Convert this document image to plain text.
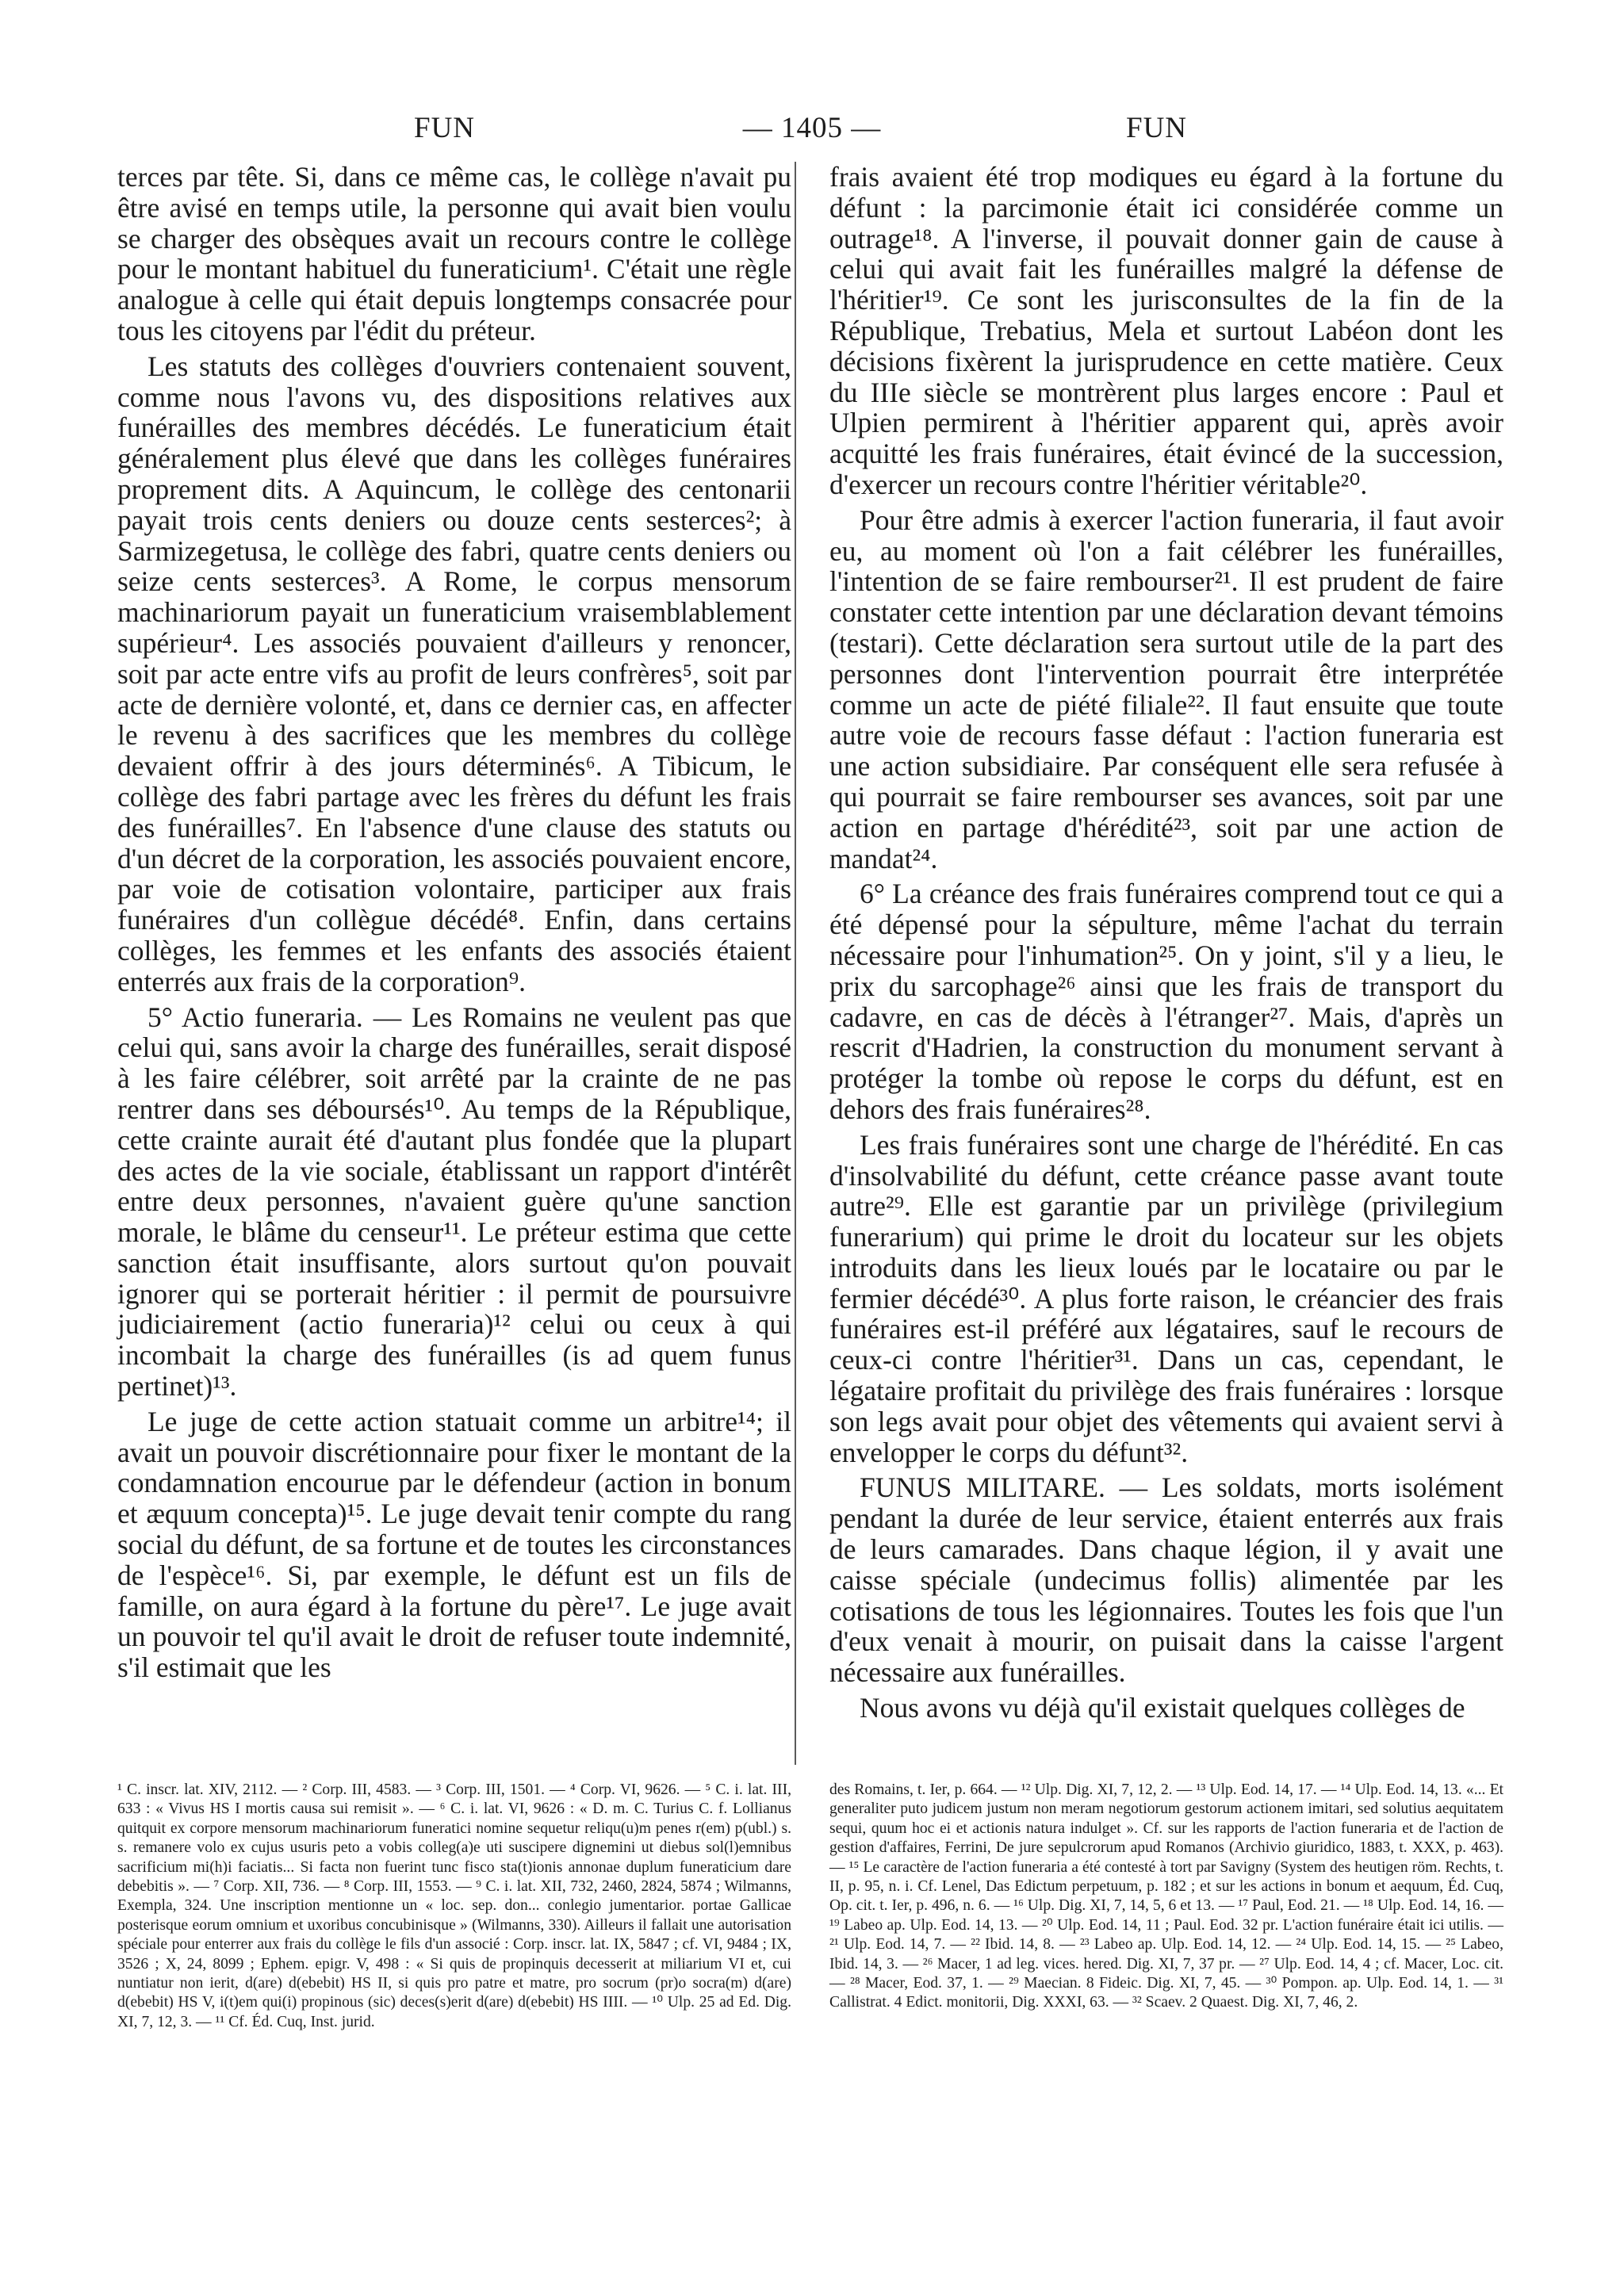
FUN	— 1405 —	FUN

terces par tête. Si, dans ce même cas, le collège n'avait pu être avisé en temps utile, la personne qui avait bien voulu se charger des obsèques avait un recours contre le collège pour le montant habituel du funeraticium¹. C'était une règle analogue à celle qui était depuis longtemps consacrée pour tous les citoyens par l'édit du préteur.

Les statuts des collèges d'ouvriers contenaient souvent, comme nous l'avons vu, des dispositions relatives aux funérailles des membres décédés. Le funeraticium était généralement plus élevé que dans les collèges funéraires proprement dits. A Aquincum, le collège des centonarii payait trois cents deniers ou douze cents sesterces²; à Sarmizegetusa, le collège des fabri, quatre cents deniers ou seize cents sesterces³. A Rome, le corpus mensorum machinariorum payait un funeraticium vraisemblablement supérieur⁴. Les associés pouvaient d'ailleurs y renoncer, soit par acte entre vifs au profit de leurs confrères⁵, soit par acte de dernière volonté, et, dans ce dernier cas, en affecter le revenu à des sacrifices que les membres du collège devaient offrir à des jours déterminés⁶. A Tibicum, le collège des fabri partage avec les frères du défunt les frais des funérailles⁷. En l'absence d'une clause des statuts ou d'un décret de la corporation, les associés pouvaient encore, par voie de cotisation volontaire, participer aux frais funéraires d'un collègue décédé⁸. Enfin, dans certains collèges, les femmes et les enfants des associés étaient enterrés aux frais de la corporation⁹.

5° Actio funeraria. — Les Romains ne veulent pas que celui qui, sans avoir la charge des funérailles, serait disposé à les faire célébrer, soit arrêté par la crainte de ne pas rentrer dans ses déboursés¹⁰. Au temps de la République, cette crainte aurait été d'autant plus fondée que la plupart des actes de la vie sociale, établissant un rapport d'intérêt entre deux personnes, n'avaient guère qu'une sanction morale, le blâme du censeur¹¹. Le préteur estima que cette sanction était insuffisante, alors surtout qu'on pouvait ignorer qui se porterait héritier : il permit de poursuivre judiciairement (actio funeraria)¹² celui ou ceux à qui incombait la charge des funérailles (is ad quem funus pertinet)¹³.

Le juge de cette action statuait comme un arbitre¹⁴; il avait un pouvoir discrétionnaire pour fixer le montant de la condamnation encourue par le défendeur (action in bonum et æquum concepta)¹⁵. Le juge devait tenir compte du rang social du défunt, de sa fortune et de toutes les circonstances de l'espèce¹⁶. Si, par exemple, le défunt est un fils de famille, on aura égard à la fortune du père¹⁷. Le juge avait un pouvoir tel qu'il avait le droit de refuser toute indemnité, s'il estimait que les

frais avaient été trop modiques eu égard à la fortune du défunt : la parcimonie était ici considérée comme un outrage¹⁸. A l'inverse, il pouvait donner gain de cause à celui qui avait fait les funérailles malgré la défense de l'héritier¹⁹. Ce sont les jurisconsultes de la fin de la République, Trebatius, Mela et surtout Labéon dont les décisions fixèrent la jurisprudence en cette matière. Ceux du IIIe siècle se montrèrent plus larges encore : Paul et Ulpien permirent à l'héritier apparent qui, après avoir acquitté les frais funéraires, était évincé de la succession, d'exercer un recours contre l'héritier véritable²⁰.

Pour être admis à exercer l'action funeraria, il faut avoir eu, au moment où l'on a fait célébrer les funérailles, l'intention de se faire rembourser²¹. Il est prudent de faire constater cette intention par une déclaration devant témoins (testari). Cette déclaration sera surtout utile de la part des personnes dont l'intervention pourrait être interprétée comme un acte de piété filiale²². Il faut ensuite que toute autre voie de recours fasse défaut : l'action funeraria est une action subsidiaire. Par conséquent elle sera refusée à qui pourrait se faire rembourser ses avances, soit par une action en partage d'hérédité²³, soit par une action de mandat²⁴.

6° La créance des frais funéraires comprend tout ce qui a été dépensé pour la sépulture, même l'achat du terrain nécessaire pour l'inhumation²⁵. On y joint, s'il y a lieu, le prix du sarcophage²⁶ ainsi que les frais de transport du cadavre, en cas de décès à l'étranger²⁷. Mais, d'après un rescrit d'Hadrien, la construction du monument servant à protéger la tombe où repose le corps du défunt, est en dehors des frais funéraires²⁸.

Les frais funéraires sont une charge de l'hérédité. En cas d'insolvabilité du défunt, cette créance passe avant toute autre²⁹. Elle est garantie par un privilège (privilegium funerarium) qui prime le droit du locateur sur les objets introduits dans les lieux loués par le locataire ou par le fermier décédé³⁰. A plus forte raison, le créancier des frais funéraires est-il préféré aux légataires, sauf le recours de ceux-ci contre l'héritier³¹. Dans un cas, cependant, le légataire profitait du privilège des frais funéraires : lorsque son legs avait pour objet des vêtements qui avaient servi à envelopper le corps du défunt³².

FUNUS MILITARE. — Les soldats, morts isolément pendant la durée de leur service, étaient enterrés aux frais de leurs camarades. Dans chaque légion, il y avait une caisse spéciale (undecimus follis) alimentée par les cotisations de tous les légionnaires. Toutes les fois que l'un d'eux venait à mourir, on puisait dans la caisse l'argent nécessaire aux funérailles.

Nous avons vu déjà qu'il existait quelques collèges de

¹ C. inscr. lat. XIV, 2112. — ² Corp. III, 4583. — ³ Corp. III, 1501. — ⁴ Corp. VI, 9626. — ⁵ C. i. lat. III, 633 : « Vivus HS I mortis causa sui remisit ». — ⁶ C. i. lat. VI, 9626 : « D. m. C. Turius C. f. Lollianus quitquit ex corpore mensorum machinariorum funeratici nomine sequetur reliqu(u)m penes r(em) p(ubl.) s. s. remanere volo ex cujus usuris peto a vobis colleg(a)e uti suscipere dignemini ut diebus sol(l)emnibus sacrificium mi(h)i faciatis... Si facta non fuerint tunc fisco sta(t)ionis annonae duplum funeraticium dare debebitis ». — ⁷ Corp. XII, 736. — ⁸ Corp. III, 1553. — ⁹ C. i. lat. XII, 732, 2460, 2824, 5874 ; Wilmanns, Exempla, 324. Une inscription mentionne un « loc. sep. don... conlegio jumentarior. portae Gallicae posterisque eorum omnium et uxoribus concubinisque » (Wilmanns, 330). Ailleurs il fallait une autorisation spéciale pour enterrer aux frais du collège le fils d'un associé : Corp. inscr. lat. IX, 5847 ; cf. VI, 9484 ; IX, 3526 ; X, 24, 8099 ; Ephem. epigr. V, 498 : « Si quis de propinquis decesserit at miliarium VI et, cui nuntiatur non ierit, d(are) d(ebebit) HS II, si quis pro patre et matre, pro socrum (pr)o socra(m) d(are) d(ebebit) HS V, i(t)em qui(i) propinous (sic) deces(s)erit d(are) d(ebebit) HS IIII. — ¹⁰ Ulp. 25 ad Ed. Dig. XI, 7, 12, 3. — ¹¹ Cf. Éd. Cuq, Inst. jurid.

des Romains, t. Ier, p. 664. — ¹² Ulp. Dig. XI, 7, 12, 2. — ¹³ Ulp. Eod. 14, 17. — ¹⁴ Ulp. Eod. 14, 13. «... Et generaliter puto judicem justum non meram negotiorum gestorum actionem imitari, sed solutius aequitatem sequi, quum hoc ei et actionis natura indulget ». Cf. sur les rapports de l'action funeraria et de l'action de gestion d'affaires, Ferrini, De jure sepulcrorum apud Romanos (Archivio giuridico, 1883, t. XXX, p. 463). — ¹⁵ Le caractère de l'action funeraria a été contesté à tort par Savigny (System des heutigen röm. Rechts, t. II, p. 95, n. i. Cf. Lenel, Das Edictum perpetuum, p. 182 ; et sur les actions in bonum et aequum, Éd. Cuq, Op. cit. t. Ier, p. 496, n. 6. — ¹⁶ Ulp. Dig. XI, 7, 14, 5, 6 et 13. — ¹⁷ Paul, Eod. 21. — ¹⁸ Ulp. Eod. 14, 16. — ¹⁹ Labeo ap. Ulp. Eod. 14, 13. — ²⁰ Ulp. Eod. 14, 11 ; Paul. Eod. 32 pr. L'action funéraire était ici utilis. — ²¹ Ulp. Eod. 14, 7. — ²² Ibid. 14, 8. — ²³ Labeo ap. Ulp. Eod. 14, 12. — ²⁴ Ulp. Eod. 14, 15. — ²⁵ Labeo, Ibid. 14, 3. — ²⁶ Macer, 1 ad leg. vices. hered. Dig. XI, 7, 37 pr. — ²⁷ Ulp. Eod. 14, 4 ; cf. Macer, Loc. cit. — ²⁸ Macer, Eod. 37, 1. — ²⁹ Maecian. 8 Fideic. Dig. XI, 7, 45. — ³⁰ Pompon. ap. Ulp. Eod. 14, 1. — ³¹ Callistrat. 4 Edict. monitorii, Dig. XXXI, 63. — ³² Scaev. 2 Quaest. Dig. XI, 7, 46, 2.
